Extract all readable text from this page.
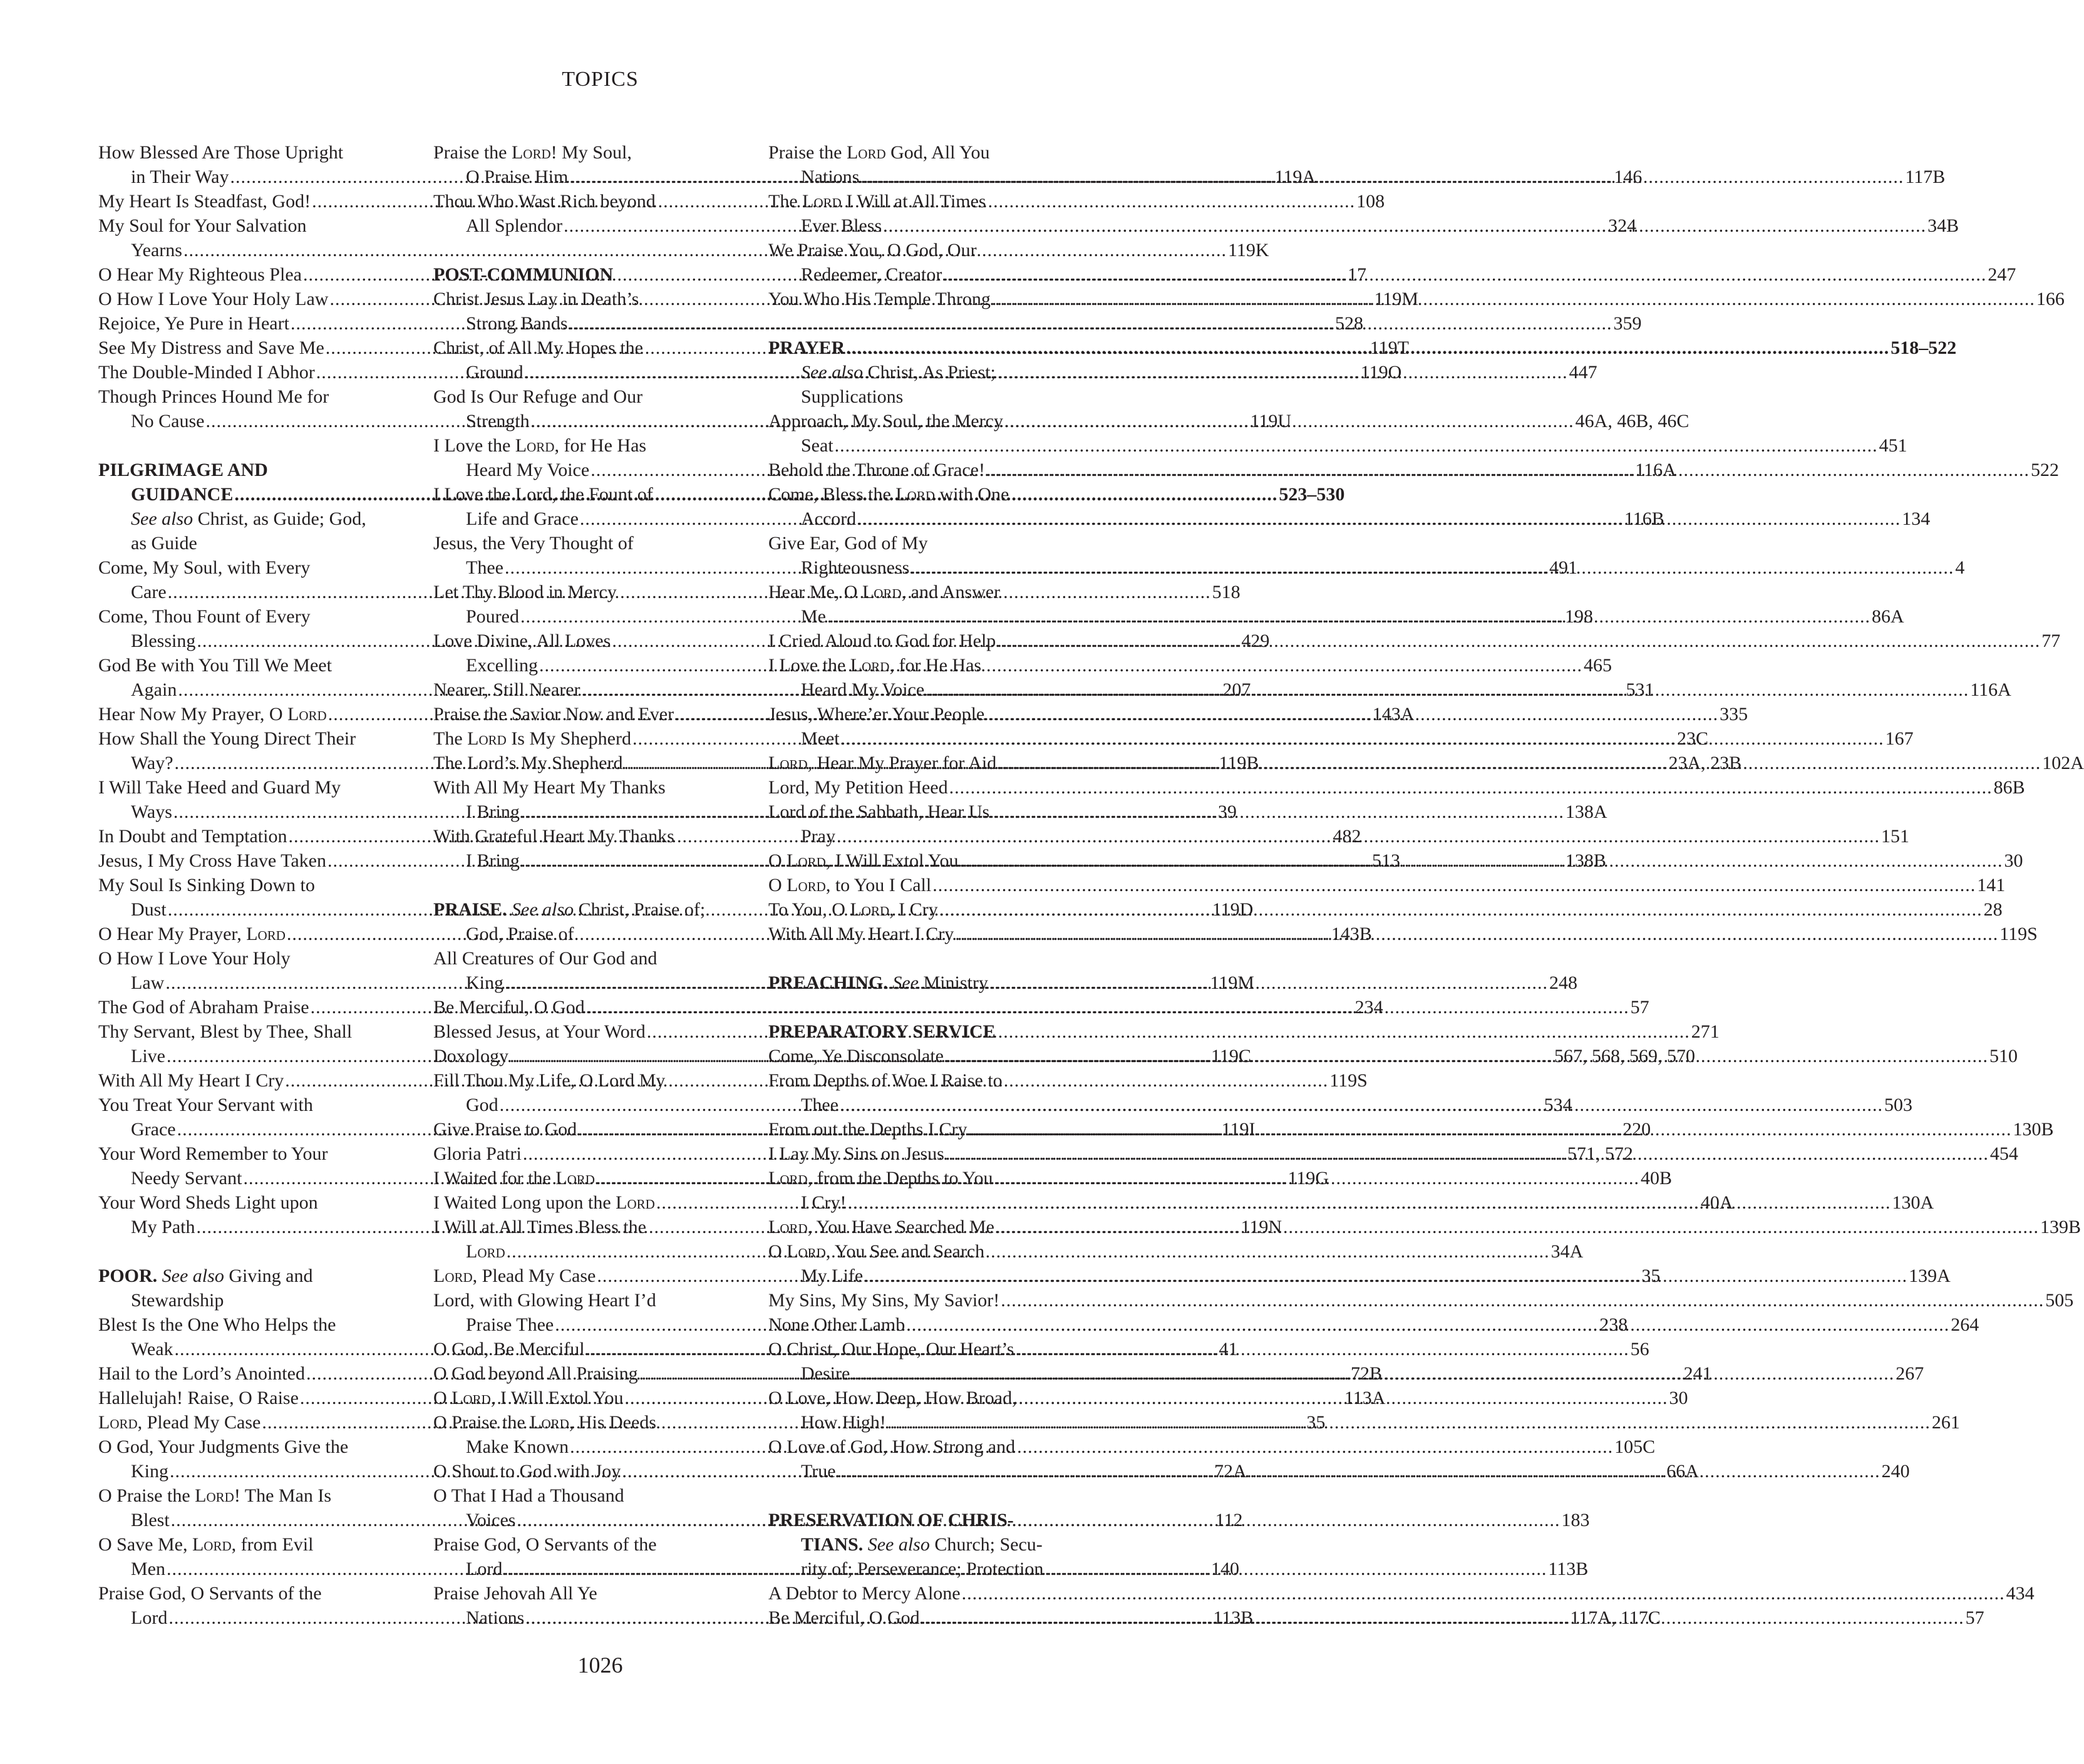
TOPICS
How Blessed Are Those Upright
in Their Way .....	119A
My Heart Is Steadfast, God! .....	108
My Soul for Your Salvation
Yearns .....	119K
O Hear My Righteous Plea .....	17
O How I Love Your Holy Law .....	119M
Rejoice, Ye Pure in Heart .....	528
See My Distress and Save Me .....	119T
The Double-Minded I Abhor .....	119O
Though Princes Hound Me for
No Cause .....	119U
PILGRIMAGE AND
GUIDANCE .....	523–530
See also Christ, as Guide; God,
as Guide
Come, My Soul, with Every
Care .....	518
Come, Thou Fount of Every
Blessing .....	429
God Be with You Till We Meet
Again .....	207
Hear Now My Prayer, O Lord .....	143A
How Shall the Young Direct Their
Way? .....	119B
I Will Take Heed and Guard My
Ways .....	39
In Doubt and Temptation .....	482
Jesus, I My Cross Have Taken .....	513
My Soul Is Sinking Down to
Dust .....	119D
O Hear My Prayer, Lord .....	143B
O How I Love Your Holy
Law .....	119M
The God of Abraham Praise .....	234
Thy Servant, Blest by Thee, Shall
Live .....	119C
With All My Heart I Cry .....	119S
You Treat Your Servant with
Grace .....	119I
Your Word Remember to Your
Needy Servant .....	119G
Your Word Sheds Light upon
My Path .....	119N
POOR. See also Giving and
Stewardship
Blest Is the One Who Helps the
Weak .....	41
Hail to the Lord’s Anointed .....	72B
Hallelujah! Raise, O Raise .....	113A
Lord, Plead My Case .....	35
O God, Your Judgments Give the
King .....	72A
O Praise the Lord! The Man Is
Blest .....	112
O Save Me, Lord, from Evil
Men .....	140
Praise God, O Servants of the
Lord .....	113B
Praise the Lord! My Soul,
O Praise Him .....	146
Thou Who Wast Rich beyond
All Splendor .....	324
POST-COMMUNION
Christ Jesus Lay in Death’s
Strong Bands .....	359
Christ, of All My Hopes the
Ground .....	447
God Is Our Refuge and Our
Strength .....	46A, 46B, 46C
I Love the Lord, for He Has
Heard My Voice .....	116A
I Love the Lord, the Fount of
Life and Grace .....	116B
Jesus, the Very Thought of
Thee .....	491
Let Thy Blood in Mercy
Poured .....	198
Love Divine, All Loves
Excelling .....	465
Nearer, Still Nearer .....	531
Praise the Savior Now and Ever .....	335
The Lord Is My Shepherd .....	23C
The Lord’s My Shepherd .....	23A, 23B
With All My Heart My Thanks
I Bring .....	138A
With Grateful Heart My Thanks
I Bring .....	138B
PRAISE. See also Christ, Praise of;
God, Praise of
All Creatures of Our God and
King .....	248
Be Merciful, O God .....	57
Blessed Jesus, at Your Word .....	271
Doxology .....	567, 568, 569, 570
Fill Thou My Life, O Lord My
God .....	534
Give Praise to God .....	220
Gloria Patri .....	571, 572
I Waited for the Lord .....	40B
I Waited Long upon the Lord .....	40A
I Will at All Times Bless the
Lord .....	34A
Lord, Plead My Case .....	35
Lord, with Glowing Heart I’d
Praise Thee .....	238
O God, Be Merciful .....	56
O God beyond All Praising .....	241
O Lord, I Will Extol You .....	30
O Praise the Lord, His Deeds
Make Known .....	105C
O Shout to God with Joy .....	66A
O That I Had a Thousand
Voices .....	183
Praise God, O Servants of the
Lord .....	113B
Praise Jehovah All Ye
Nations .....	117A, 117C
Praise the Lord God, All You
Nations .....	117B
The Lord I Will at All Times
Ever Bless .....	34B
We Praise You, O God, Our
Redeemer, Creator .....	247
You Who His Temple Throng .....	166
PRAYER .....	518–522
See also Christ, As Priest;
Supplications
Approach, My Soul, the Mercy
Seat .....	451
Behold the Throne of Grace! .....	522
Come, Bless the Lord with One
Accord .....	134
Give Ear, God of My
Righteousness .....	4
Hear Me, O Lord, and Answer
Me .....	86A
I Cried Aloud to God for Help .....	77
I Love the Lord, for He Has
Heard My Voice .....	116A
Jesus, Where’er Your People
Meet .....	167
Lord, Hear My Prayer for Aid .....	102A
Lord, My Petition Heed .....	86B
Lord of the Sabbath, Hear Us
Pray .....	151
O Lord, I Will Extol You .....	30
O Lord, to You I Call .....	141
To You, O Lord, I Cry .....	28
With All My Heart I Cry .....	119S
PREACHING. See Ministry
PREPARATORY SERVICE
Come, Ye Disconsolate .....	510
From Depths of Woe I Raise to
Thee .....	503
From out the Depths I Cry .....	130B
I Lay My Sins on Jesus .....	454
Lord, from the Depths to You
I Cry! .....	130A
Lord, You Have Searched Me .....	139B
O Lord, You See and Search
My Life .....	139A
My Sins, My Sins, My Savior! .....	505
None Other Lamb .....	264
O Christ, Our Hope, Our Heart’s
Desire .....	267
O Love, How Deep, How Broad,
How High! .....	261
O Love of God, How Strong and
True .....	240
PRESERVATION OF CHRIS-
TIANS. See also Church; Secu-
rity of; Perseverance; Protection
A Debtor to Mercy Alone .....	434
Be Merciful, O God .....	57
1026
